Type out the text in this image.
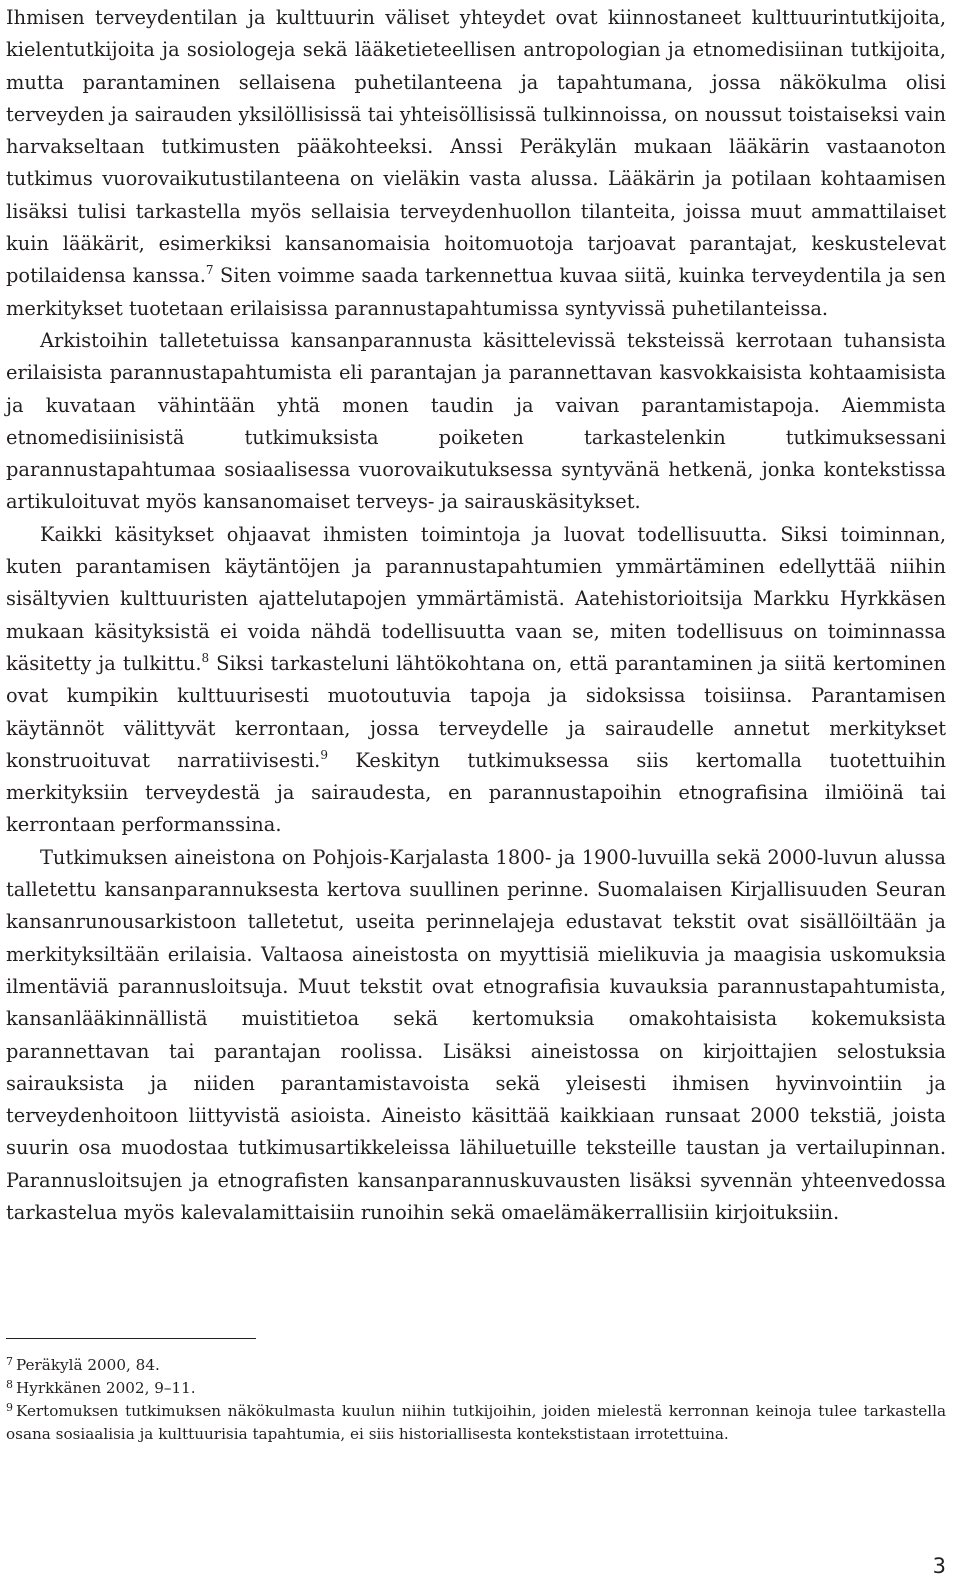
Ihmisen terveydentilan ja kulttuurin väliset yhteydet ovat kiinnostaneet kulttuurintutkijoita, kielentutkijoita ja sosiologeja sekä lääketieteellisen antropologian ja etnomedisiinan tutkijoita, mutta parantaminen sellaisena puhetilanteena ja tapahtumana, jossa näkökulma olisi terveyden ja sairauden yksilöllisissä tai yhteisöllisissä tulkinnoissa, on noussut toistaiseksi vain harvakseltaan tutkimusten pääkohteeksi. Anssi Peräkylän mukaan lääkärin vastaanoton tutkimus vuorovaikutustilanteena on vieläkin vasta alussa. Lääkärin ja potilaan kohtaamisen lisäksi tulisi tarkastella myös sellaisia terveydenhuollon tilanteita, joissa muut ammattilaiset kuin lääkärit, esimerkiksi kansanomaisia hoitomuotoja tarjoavat parantajat, keskustelevat potilaidensa kanssa.$^7$ Siten voimme saada tarkennettua kuvaa siitä, kuinka terveydentila ja sen merkitykset tuotetaan erilaisissa parannustapahtumissa syntyvissä puhetilanteissa.

Arkistoihin talletetuissa kansanparannusta käsittelevissä teksteissä kerrotaan tuhansista erilaisista parannustapahtumista eli parantajan ja parannettavan kasvokkaisista kohtaamisista ja kuvataan vähintään yhtä monen taudin ja vaivan parantamistapoja. Aiemmista etnomedisiinisistä tutkimuksista poiketen tarkastelenkin tutkimuksessani parannustapahtumaa sosiaalisessa vuorovaikutuksessa syntyvänä hetkenä, jonka kontekstissa artikuloituvat myös kansanomaiset terveys- ja sairauskäsitykset.

Kaikki käsitykset ohjaavat ihmisten toimintoja ja luovat todellisuutta. Siksi toiminnan, kuten parantamisen käytäntöjen ja parannustapahtumien ymmärtäminen edellyttää niihin sisältyvien kulttuuristen ajattelutapojen ymmärtämistä. Aatehistorioitsija Markku Hyrkkäsen mukaan käsityksistä ei voida nähdä todellisuutta vaan se, miten todellisuus on toiminnassa käsitetty ja tulkittu.$^8$ Siksi tarkasteluni lähtökohtana on, että parantaminen ja siitä kertominen ovat kumpikin kulttuurisesti muotoutuvia tapoja ja sidoksissa toisiinsa. Parantamisen käytännöt välittyvät kerrontaan, jossa terveydelle ja sairaudelle annetut merkitykset konstruoituvat narratiivisesti.$^9$ Keskityn tutkimuksessa siis kertomalla tuotettuihin merkityksiin terveydestä ja sairaudesta, en parannustapoihin etnografisina ilmiöinä tai kerrontaan performanssina.

Tutkimuksen aineistona on Pohjois-Karjalasta 1800- ja 1900-luvuilla sekä 2000-luvun alussa talletettu kansanparannuksesta kertova suullinen perinne. Suomalaisen Kirjallisuuden Seuran kansanrunousarkistoon talletetut, useita perinnelajeja edustavat tekstit ovat sisällöiltään ja merkityksiltään erilaisia. Valtaosa aineistosta on myyttisiä mielikuvia ja maagisia uskomuksia ilmentäviä parannusloitsuja. Muut tekstit ovat etnografisia kuvauksia parannustapahtumista, kansanlääkinnällistä muistitietoa sekä kertomuksia omakohtaisista kokemuksista parannettavan tai parantajan roolissa. Lisäksi aineistossa on kirjoittajien selostuksia sairauksista ja niiden parantamistavoista sekä yleisesti ihmisen hyvinvointiin ja terveydenhoitoon liittyvistä asioista. Aineisto käsittää kaikkiaan runsaat 2000 tekstiä, joista suurin osa muodostaa tutkimusartikkeleissa lähiluetuille teksteille taustan ja vertailupinnan. Parannusloitsujen ja etnografisten kansanparannuskuvausten lisäksi syvennän yhteenvedossa tarkastelua myös kalevalamittaisiin runoihin sekä omaelämäkerrallisiin kirjoituksiin.

$^7$ Peräkylä 2000, 84.

$^8$ Hyrkkänen 2002, 9–11.

$^9$ Kertomuksen tutkimuksen näkökulmasta kuulun niihin tutkijoihin, joiden mielestä kerronnan keinoja tulee tarkastella osana sosiaalisia ja kulttuurisia tapahtumia, ei siis historiallisesta kontekstistaan irrotettuina.

3
